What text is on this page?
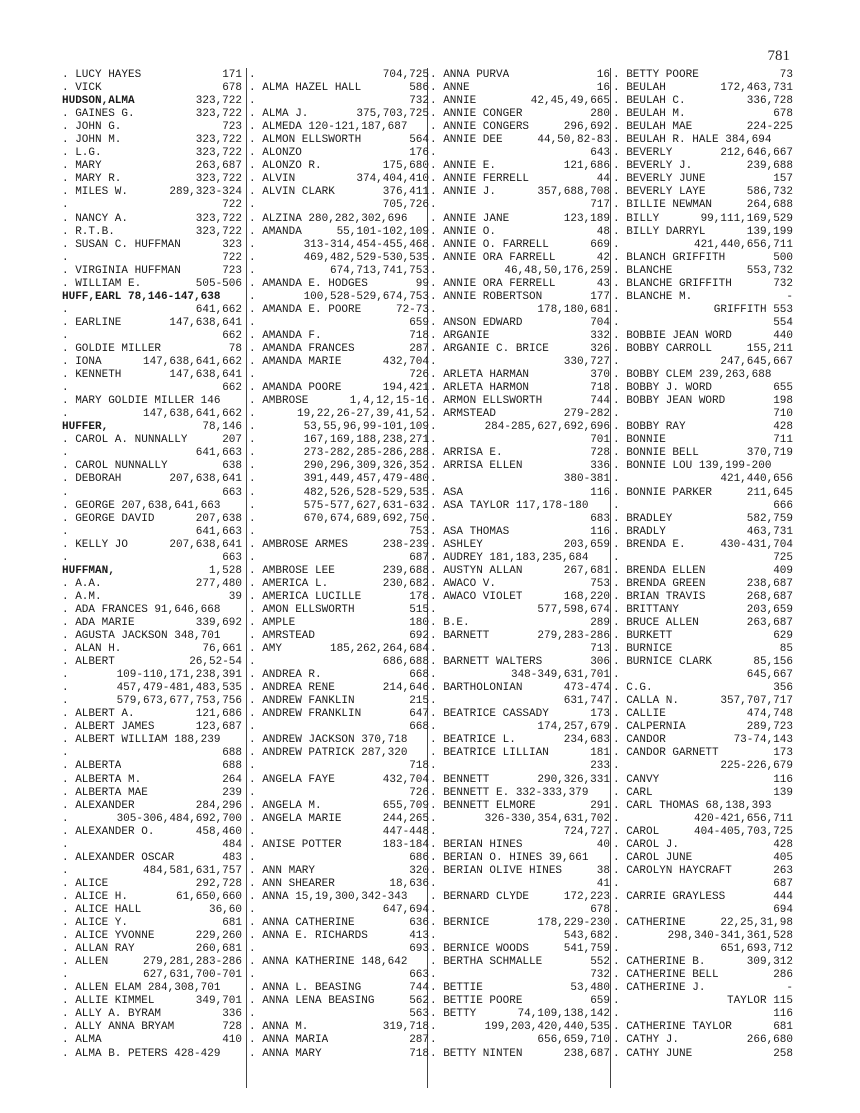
781
. LUCY HAYES	171
. VICK	678
HUDSON,ALMA	323,722
. GAINES G.	323,722
. JOHN G.	723
. JOHN M.	323,722
. L.G.	323,722
. MARY	263,687
. MARY R.	323,722
. MILES W.	289,323-324
.	722
. NANCY A.	323,722
. R.T.B.	323,722
. SUSAN C. HUFFMAN	323
.	722
. VIRGINIA HUFFMAN	723
. WILLIAM E.	505-506
HUFF,EARL 78,146-147,638
.	641,662
. EARLINE	147,638,641
.	662
. GOLDIE MILLER	78
. IONA	147,638,641,662
. KENNETH	147,638,641
.	662
. MARY GOLDIE MILLER 146
.	147,638,641,662
HUFFER,	78,146
. CAROL A. NUNNALLY	207
.	641,663
. CAROL NUNNALLY	638
. DEBORAH	207,638,641
.	663
. GEORGE 207,638,641,663
. GEORGE DAVID	207,638
.	641,663
. KELLY JO	207,638,641
.	663
HUFFMAN,	1,528
. A.A.	277,480
. A.M.	39
. ADA FRANCES 91,646,668
. ADA MARIE	339,692
. AGUSTA JACKSON 348,701
. ALAN H.	76,661
. ALBERT	26,52-54
.	109-110,171,238,391
.	457,479-481,483,535
.	579,673,677,753,756
. ALBERT A.	121,686
. ALBERT JAMES	123,687
. ALBERT WILLIAM 188,239
.	688
. ALBERTA	688
. ALBERTA M.	264
. ALBERTA MAE	239
. ALEXANDER	284,296
.	305-306,484,692,700
. ALEXANDER O.	458,460
.	484
. ALEXANDER OSCAR	483
.	484,581,631,757
. ALICE	292,728
. ALICE H.	61,650,660
. ALICE HALL	36,60
. ALICE Y.	681
. ALICE YVONNE	229,260
. ALLAN RAY	260,681
. ALLEN	279,281,283-286
.	627,631,700-701
. ALLEN ELAM 284,308,701
. ALLIE KIMMEL	349,701
. ALLY A. BYRAM	336
. ALLY ANNA BRYAM	728
. ALMA	410
. ALMA B. PETERS 428-429
.	704,725
. ALMA HAZEL HALL	586
.	732
. ALMA J.	375,703,725
. ALMEDA 120-121,187,687
. ALMON ELLSWORTH	564
. ALONZO	176
. ALONZO R.	175,680
. ALVIN	374,404,410
. ALVIN CLARK	376,411
.	705,726
. ALZINA 280,282,302,696
. AMANDA	55,101-102,109
.	313-314,454-455,468
.	469,482,529-530,535
.	674,713,741,753
. AMANDA E. HODGES	99
.	100,528-529,674,753
. AMANDA E. POORE	72-73
.	659
. AMANDA F.	718
. AMANDA FRANCES	287
. AMANDA MARIE	432,704
.	726
. AMANDA POORE	194,421
. AMBROSE	1,4,12,15-16
.	19,22,26-27,39,41,52
.	53,55,96,99-101,109
.	167,169,188,238,271
.	273-282,285-286,288
.	290,296,309,326,352
.	391,449,457,479-480
.	482,526,528-529,535
.	575-577,627,631-632
.	670,674,689,692,750
.	753
. AMBROSE ARMES	238-239
.	687
. AMBROSE LEE	239,688
. AMERICA L.	230,682
. AMERICA LUCILLE	178
. AMON ELLSWORTH	515
. AMPLE	180
. AMRSTEAD	692
. AMY	185,262,264,684
.	686,688
. ANDREA R.	668
. ANDREA RENE	214,646
. ANDREW FANKLIN	215
. ANDREW FRANKLIN	647
.	668
. ANDREW JACKSON 370,718
. ANDREW PATRICK 287,320
.	718
. ANGELA FAYE	432,704
.	726
. ANGELA M.	655,709
. ANGELA MARIE	244,265
.	447-448
. ANISE POTTER	183-184
.	686
. ANN MARY	320
. ANN SHEARER	18,636
. ANNA 15,19,300,342-343
.	647,694
. ANNA CATHERINE	636
. ANNA E. RICHARDS	413
.	693
. ANNA KATHERINE 148,642
.	663
. ANNA L. BEASING	744
. ANNA LENA BEASING	562
.	563
. ANNA M.	319,718
. ANNA MARIA	287
. ANNA MARY	718
. ANNA PURVA	16
. ANNE	16
. ANNIE	42,45,49,665
. ANNIE CONGER	280
. ANNIE CONGERS	296,692
. ANNIE DEE	44,50,82-83
.	643
. ANNIE E.	121,686
. ANNIE FERRELL	44
. ANNIE J.	357,688,708
.	717
. ANNIE JANE	123,189
. ANNIE O.	48
. ANNIE O. FARRELL	669
. ANNIE ORA FARRELL	42
.	46,48,50,176,259
. ANNIE ORA FERRELL	43
. ANNIE ROBERTSON	177
.	178,180,681
. ANSON EDWARD	704
. ARGANIE	332
. ARGANIE C. BRICE	326
.	330,727
. ARLETA HARMAN	370
. ARLETA HARMON	718
. ARMON ELLSWORTH	744
. ARMSTEAD	279-282
.	284-285,627,692,696
.	701
. ARRISA E.	728
. ARRISA ELLEN	336
.	380-381
. ASA	116
. ASA TAYLOR 117,178-180
.	683
. ASA THOMAS	116
. ASHLEY	203,659
. AUDREY 181,183,235,684
. AUSTYN ALLAN	267,681
. AWACO V.	753
. AWACO VIOLET	168,220
.	577,598,674
. B.E.	289
. BARNETT	279,283-286
.	713
. BARNETT WALTERS	306
.	348-349,631,701
. BARTHOLONIAN	473-474
.	631,747
. BEATRICE CASSADY	173
.	174,257,679
. BEATRICE L.	234,683
. BEATRICE LILLIAN	181
.	233
. BENNETT	290,326,331
. BENNETT E. 332-333,379
. BENNETT ELMORE	291
.	326-330,354,631,702
.	724,727
. BERIAN HINES	40
. BERIAN O. HINES 39,661
. BERIAN OLIVE HINES	38
.	41
. BERNARD CLYDE	172,223
.	678
. BERNICE	178,229-230
.	543,682
. BERNICE WOODS	541,759
. BERTHA SCHMALLE	552
.	732
. BETTIE	53,480
. BETTIE POORE	659
. BETTY	74,109,138,142
.	199,203,420,440,535
.	656,659,710
. BETTY NINTEN	238,687
. BETTY POORE	73
. BEULAH	172,463,731
. BEULAH C.	336,728
. BEULAH M.	678
. BEULAH MAE	224-225
. BEULAH R. HALE 384,694
. BEVERLY	212,646,667
. BEVERLY J.	239,688
. BEVERLY JUNE	157
. BEVERLY LAYE	586,732
. BILLIE NEWMAN	264,688
. BILLY	99,111,169,529
. BILLY DARRYL	139,199
.	421,440,656,711
. BLANCH GRIFFITH	500
. BLANCHE	553,732
. BLANCHE GRIFFITH	732
. BLANCHE M.	-
.	GRIFFITH 553
.	554
. BOBBIE JEAN WORD	440
. BOBBY CARROLL	155,211
.	247,645,667
. BOBBY CLEM 239,263,688
. BOBBY J. WORD	655
. BOBBY JEAN WORD	198
.	710
. BOBBY RAY	428
. BONNIE	711
. BONNIE BELL	370,719
. BONNIE LOU 139,199-200
.	421,440,656
. BONNIE PARKER	211,645
.	666
. BRADLEY	582,759
. BRADLY	463,731
. BRENDA E.	430-431,704
.	725
. BRENDA ELLEN	409
. BRENDA GREEN	238,687
. BRIAN TRAVIS	268,687
. BRITTANY	203,659
. BRUCE ALLEN	263,687
. BURKETT	629
. BURNICE	85
. BURNICE CLARK	85,156
.	645,667
. C.G.	356
. CALLA N.	357,707,717
. CALLIE	474,748
. CALPERNIA	289,723
. CANDOR	73-74,143
. CANDOR GARNETT	173
.	225-226,679
. CANVY	116
. CARL	139
. CARL THOMAS 68,138,393
.	420-421,656,711
. CAROL	404-405,703,725
. CAROL J.	428
. CAROL JUNE	405
. CAROLYN HAYCRAFT	263
.	687
. CARRIE GRAYLESS	444
.	694
. CATHERINE	22,25,31,98
.	298,340-341,361,528
.	651,693,712
. CATHERINE B.	309,312
. CATHERINE BELL	286
. CATHERINE J.	-
.	TAYLOR 115
.	116
. CATHERINE TAYLOR	681
. CATHY J.	266,680
. CATHY JUNE	258
